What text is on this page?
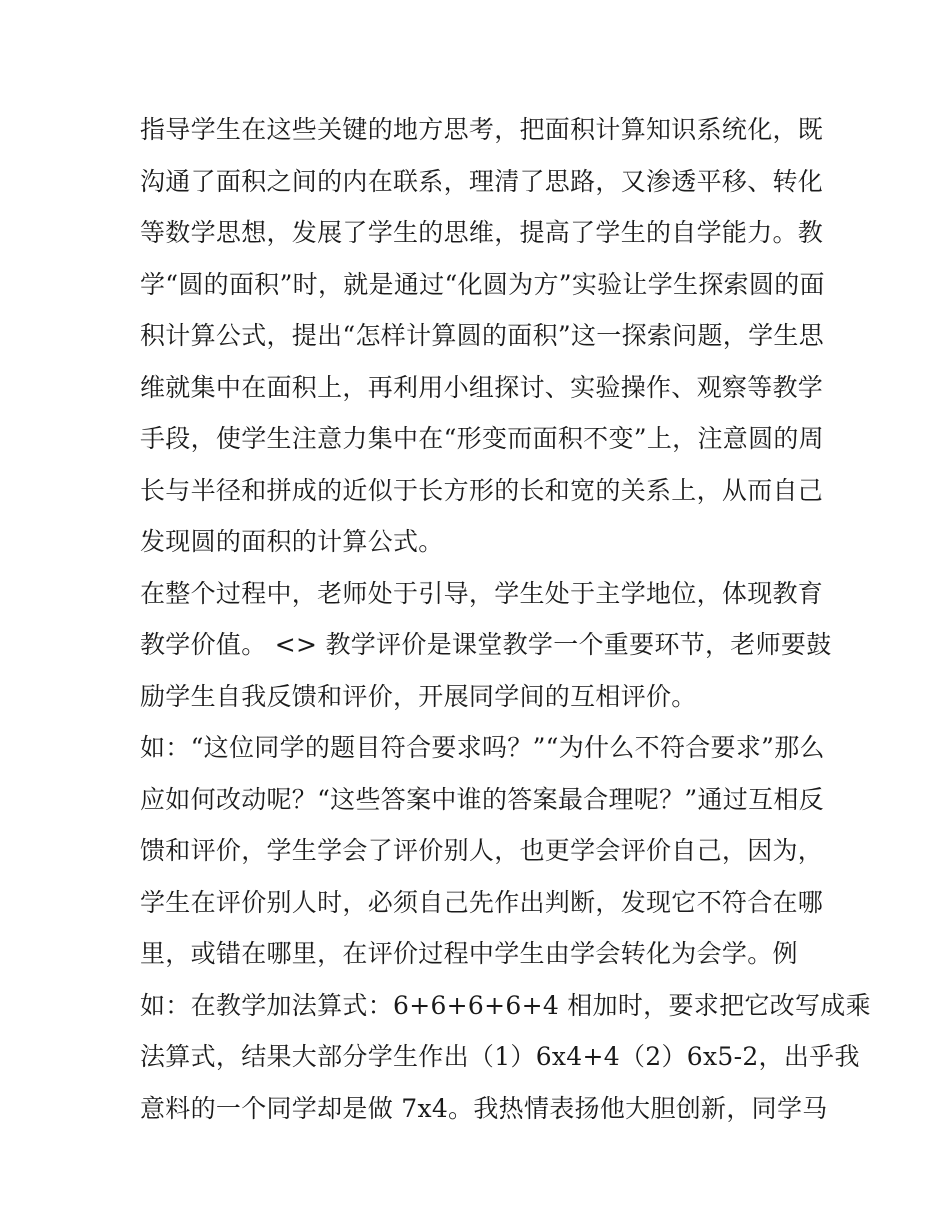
指导学生在这些关键的地方思考，把面积计算知识系统化，既
沟通了面积之间的内在联系，理清了思路，又渗透平移、转化
等数学思想，发展了学生的思维，提高了学生的自学能力。教
学“圆的面积”时，就是通过“化圆为方”实验让学生探索圆的面
积计算公式，提出“怎样计算圆的面积”这一探索问题，学生思
维就集中在面积上，再利用小组探讨、实验操作、观察等教学
手段，使学生注意力集中在“形变而面积不变”上，注意圆的周
长与半径和拼成的近似于长方形的长和宽的关系上，从而自己
发现圆的面积的计算公式。
在整个过程中，老师处于引导，学生处于主学地位，体现教育
教学价值。 <> 教学评价是课堂教学一个重要环节，老师要鼓
励学生自我反馈和评价，开展同学间的互相评价。
如：“这位同学的题目符合要求吗？”“为什么不符合要求”那么
应如何改动呢？“这些答案中谁的答案最合理呢？”通过互相反
馈和评价，学生学会了评价别人，也更学会评价自己，因为，
学生在评价别人时，必须自己先作出判断，发现它不符合在哪
里，或错在哪里，在评价过程中学生由学会转化为会学。例
如：在教学加法算式：6+6+6+6+4 相加时，要求把它改写成乘
法算式，结果大部分学生作出（1）6x4+4（2）6x5-2，出乎我
意料的一个同学却是做 7x4。我热情表扬他大胆创新，同学马
